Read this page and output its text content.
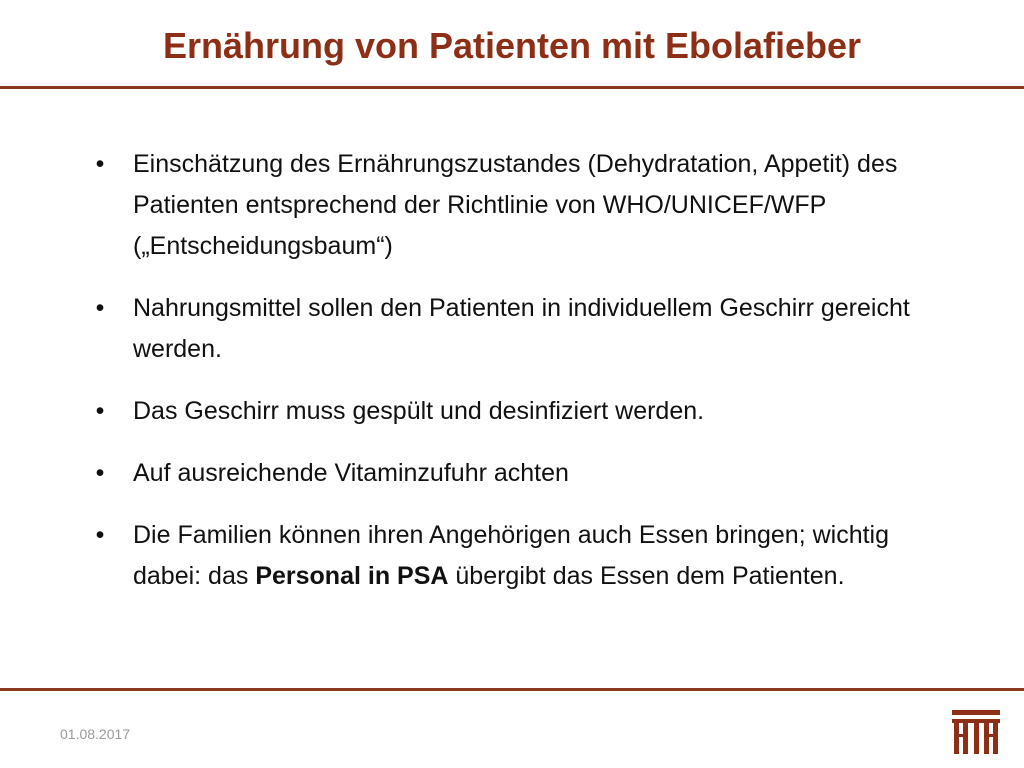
Ernährung von Patienten mit Ebolafieber
•	Einschätzung des Ernährungszustandes (Dehydratation, Appetit) des Patienten entsprechend der Richtlinie von WHO/UNICEF/WFP („Entscheidungsbaum“)
•	Nahrungsmittel sollen den Patienten in individuellem Geschirr gereicht werden.
•	Das Geschirr muss gespült und desinfiziert werden.
•	Auf ausreichende Vitaminzufuhr achten
•	Die Familien können ihren Angehörigen auch Essen bringen; wichtig dabei: das Personal in PSA übergibt das Essen dem Patienten.
01.08.2017
EFFO
